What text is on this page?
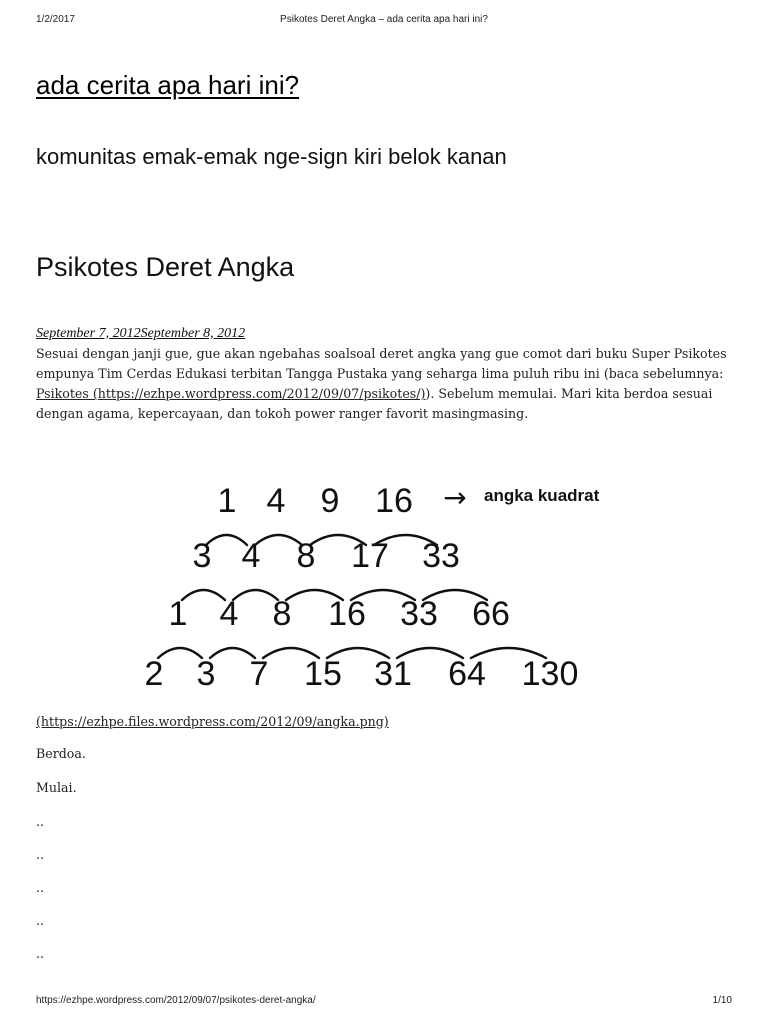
1/2/2017	Psikotes Deret Angka – ada cerita apa hari ini?
ada cerita apa hari ini?
komunitas emak-emak nge-sign kiri belok kanan
Psikotes Deret Angka
September 7, 2012September 8, 2012

Sesuai dengan janji gue, gue akan ngebahas soalsoal deret angka yang gue comot dari buku Super Psikotes empunya Tim Cerdas Edukasi terbitan Tangga Pustaka yang seharga lima puluh ribu ini (baca sebelumnya: Psikotes (https://ezhpe.wordpress.com/2012/09/07/psikotes/)). Sebelum memulai. Mari kita berdoa sesuai dengan agama, kepercayaan, dan tokoh power ranger favorit masingmasing.

1 4 9 16
3 4 8 17 33
1 4 8 16 33 66
2 3 7 15 31 64 130
→ angka kuadrat
(https://ezhpe.files.wordpress.com/2012/09/angka.png)

Berdoa.

Mulai.

..

..

..

..

..

https://ezhpe.wordpress.com/2012/09/07/psikotes-deret-angka/	1/10
